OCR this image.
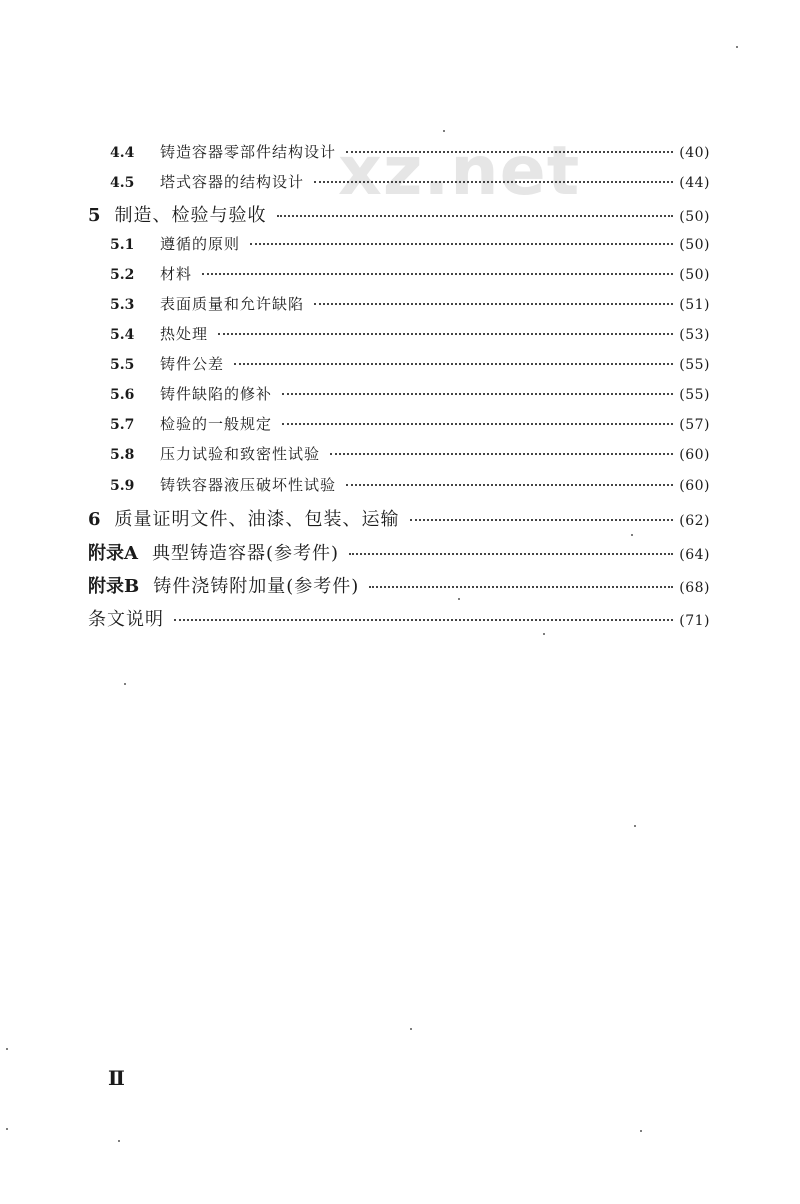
xz.net
4.4	铸造容器零部件结构设计	(40)
4.5	塔式容器的结构设计	(44)
5 制造、检验与验收	(50)
5.1	遵循的原则	(50)
5.2	材料	(50)
5.3	表面质量和允许缺陷	(51)
5.4	热处理	(53)
5.5	铸件公差	(55)
5.6	铸件缺陷的修补	(55)
5.7	检验的一般规定	(57)
5.8	压力试验和致密性试验	(60)
5.9	铸铁容器液压破坏性试验	(60)
6 质量证明文件、油漆、包装、运输	(62)
附录A 典型铸造容器(参考件)	(64)
附录B 铸件浇铸附加量(参考件)	(68)
条文说明	(71)
Ⅱ
